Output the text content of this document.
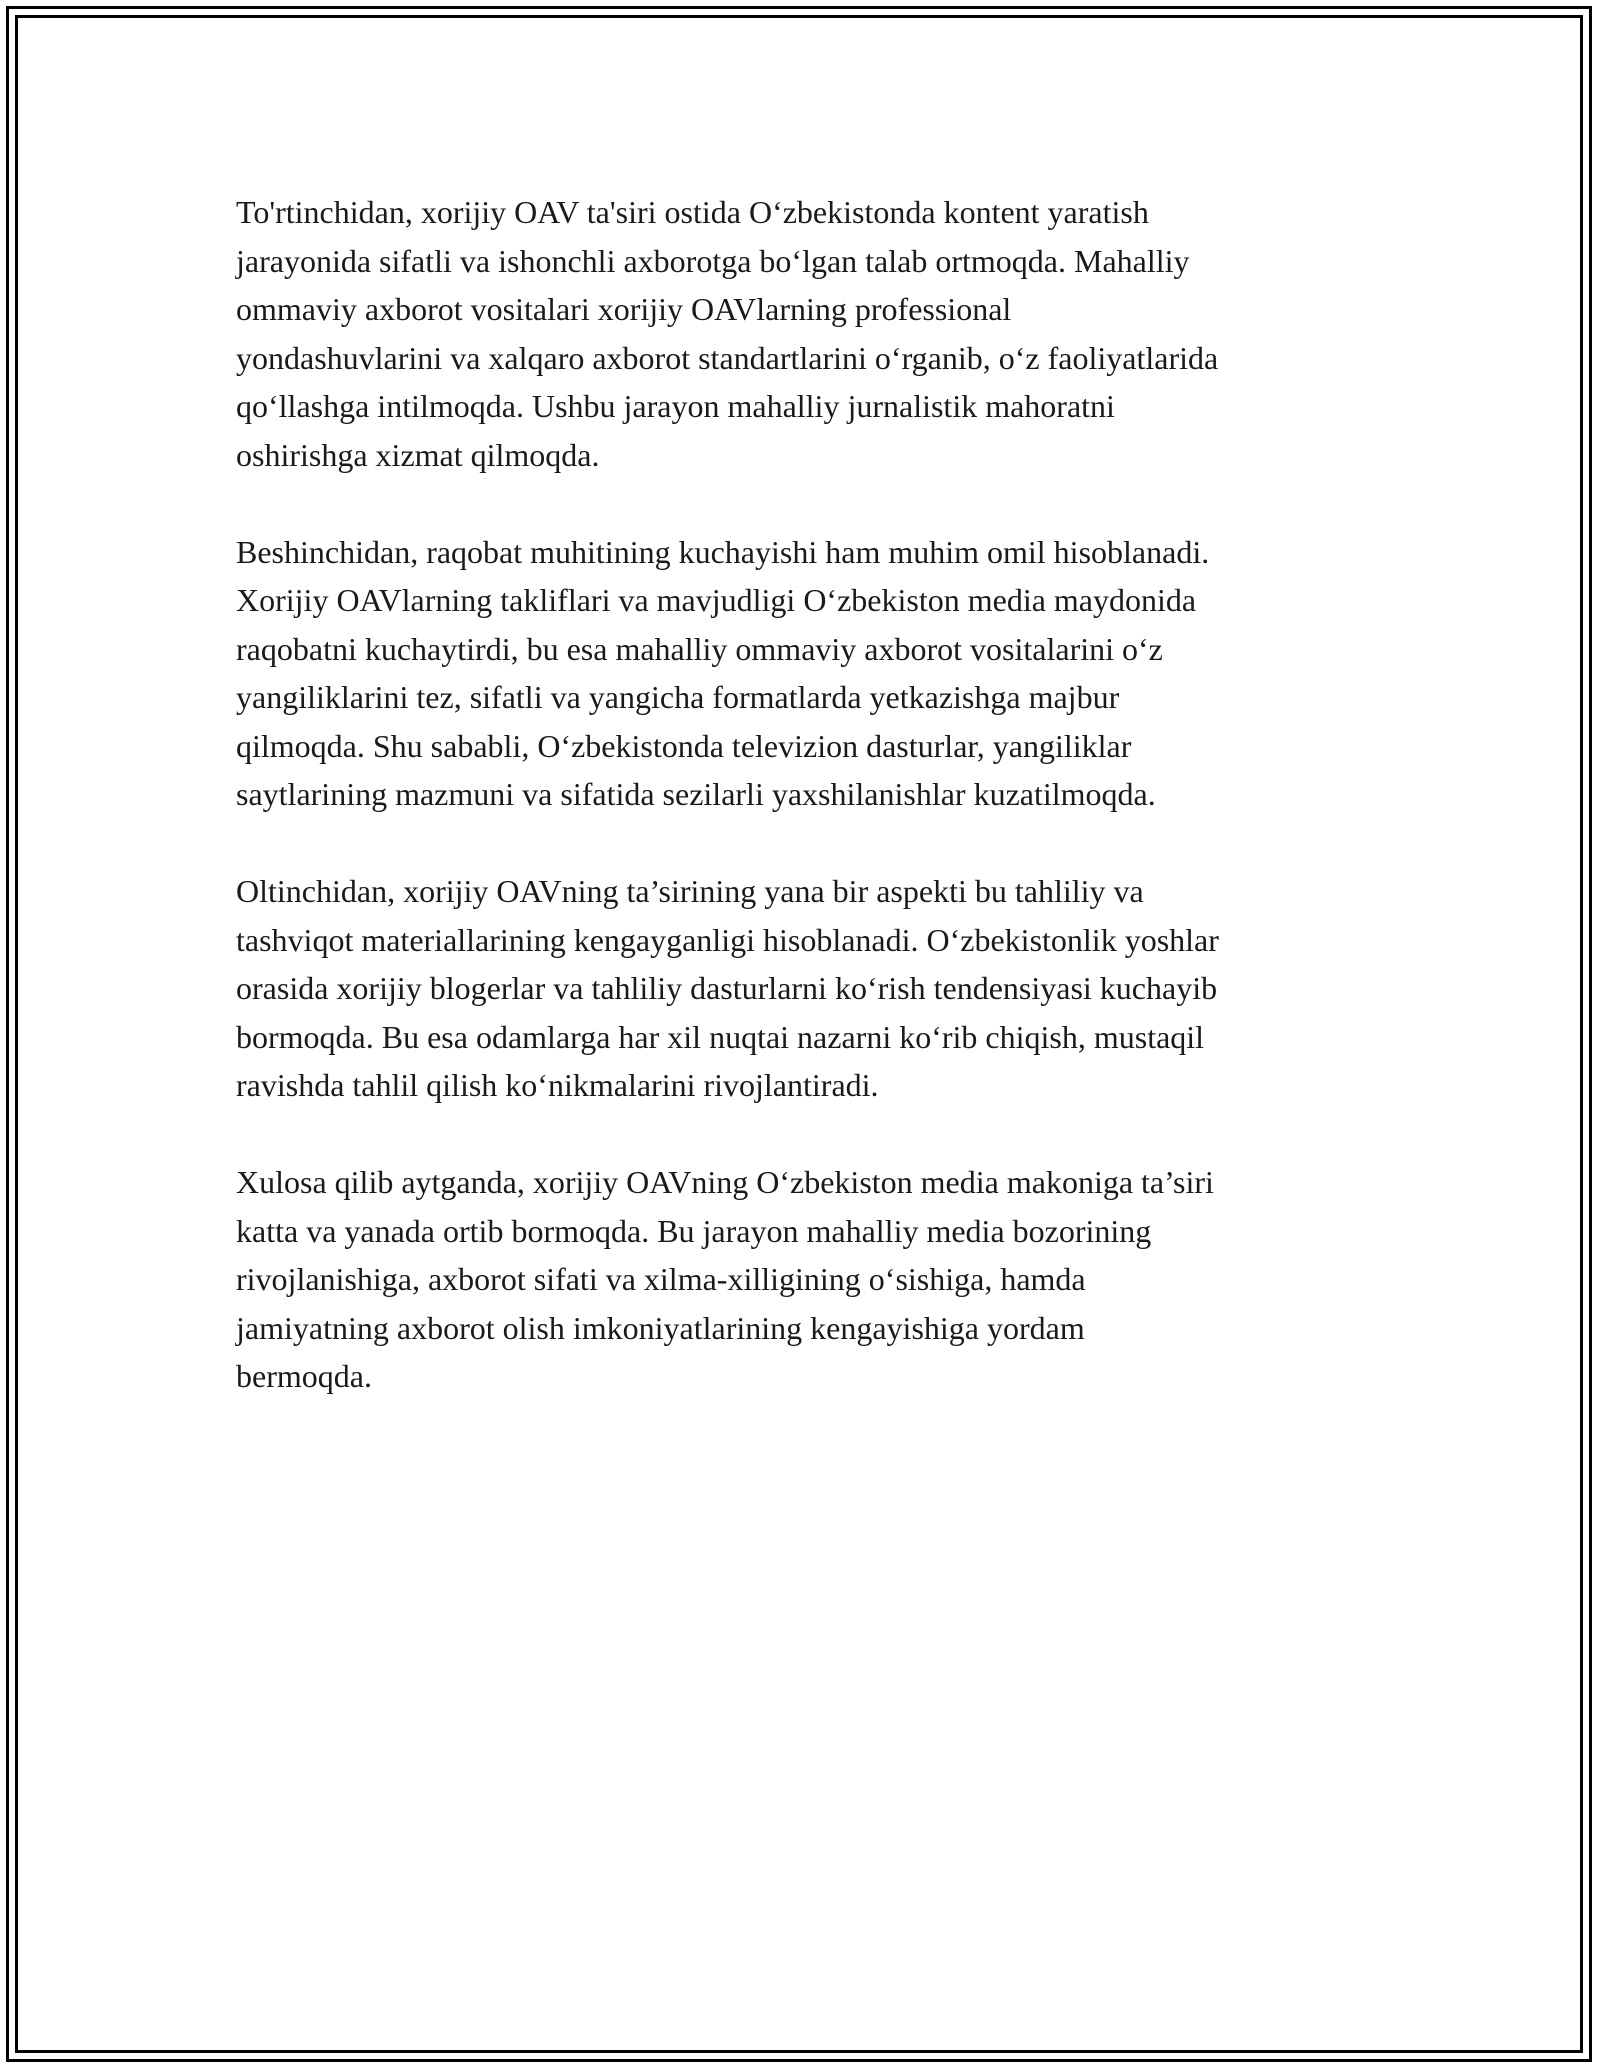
To'rtinchidan, xorijiy OAV ta'siri ostida O‘zbekistonda kontent yaratish
jarayonida sifatli va ishonchli axborotga bo‘lgan talab ortmoqda. Mahalliy
ommaviy axborot vositalari xorijiy OAVlarning professional
yondashuvlarini va xalqaro axborot standartlarini o‘rganib, o‘z faoliyatlarida
qo‘llashga intilmoqda. Ushbu jarayon mahalliy jurnalistik mahoratni
oshirishga xizmat qilmoqda.

Beshinchidan, raqobat muhitining kuchayishi ham muhim omil hisoblanadi.
Xorijiy OAVlarning takliflari va mavjudligi O‘zbekiston media maydonida
raqobatni kuchaytirdi, bu esa mahalliy ommaviy axborot vositalarini o‘z
yangiliklarini tez, sifatli va yangicha formatlarda yetkazishga majbur
qilmoqda. Shu sababli, O‘zbekistonda televizion dasturlar, yangiliklar
saytlarining mazmuni va sifatida sezilarli yaxshilanishlar kuzatilmoqda.

Oltinchidan, xorijiy OAVning ta’sirining yana bir aspekti bu tahliliy va
tashviqot materiallarining kengayganligi hisoblanadi. O‘zbekistonlik yoshlar
orasida xorijiy blogerlar va tahliliy dasturlarni ko‘rish tendensiyasi kuchayib
bormoqda. Bu esa odamlarga har xil nuqtai nazarni ko‘rib chiqish, mustaqil
ravishda tahlil qilish ko‘nikmalarini rivojlantiradi.

Xulosa qilib aytganda, xorijiy OAVning O‘zbekiston media makoniga ta’siri
katta va yanada ortib bormoqda. Bu jarayon mahalliy media bozorining
rivojlanishiga, axborot sifati va xilma-xilligining o‘sishiga, hamda
jamiyatning axborot olish imkoniyatlarining kengayishiga yordam
bermoqda.
